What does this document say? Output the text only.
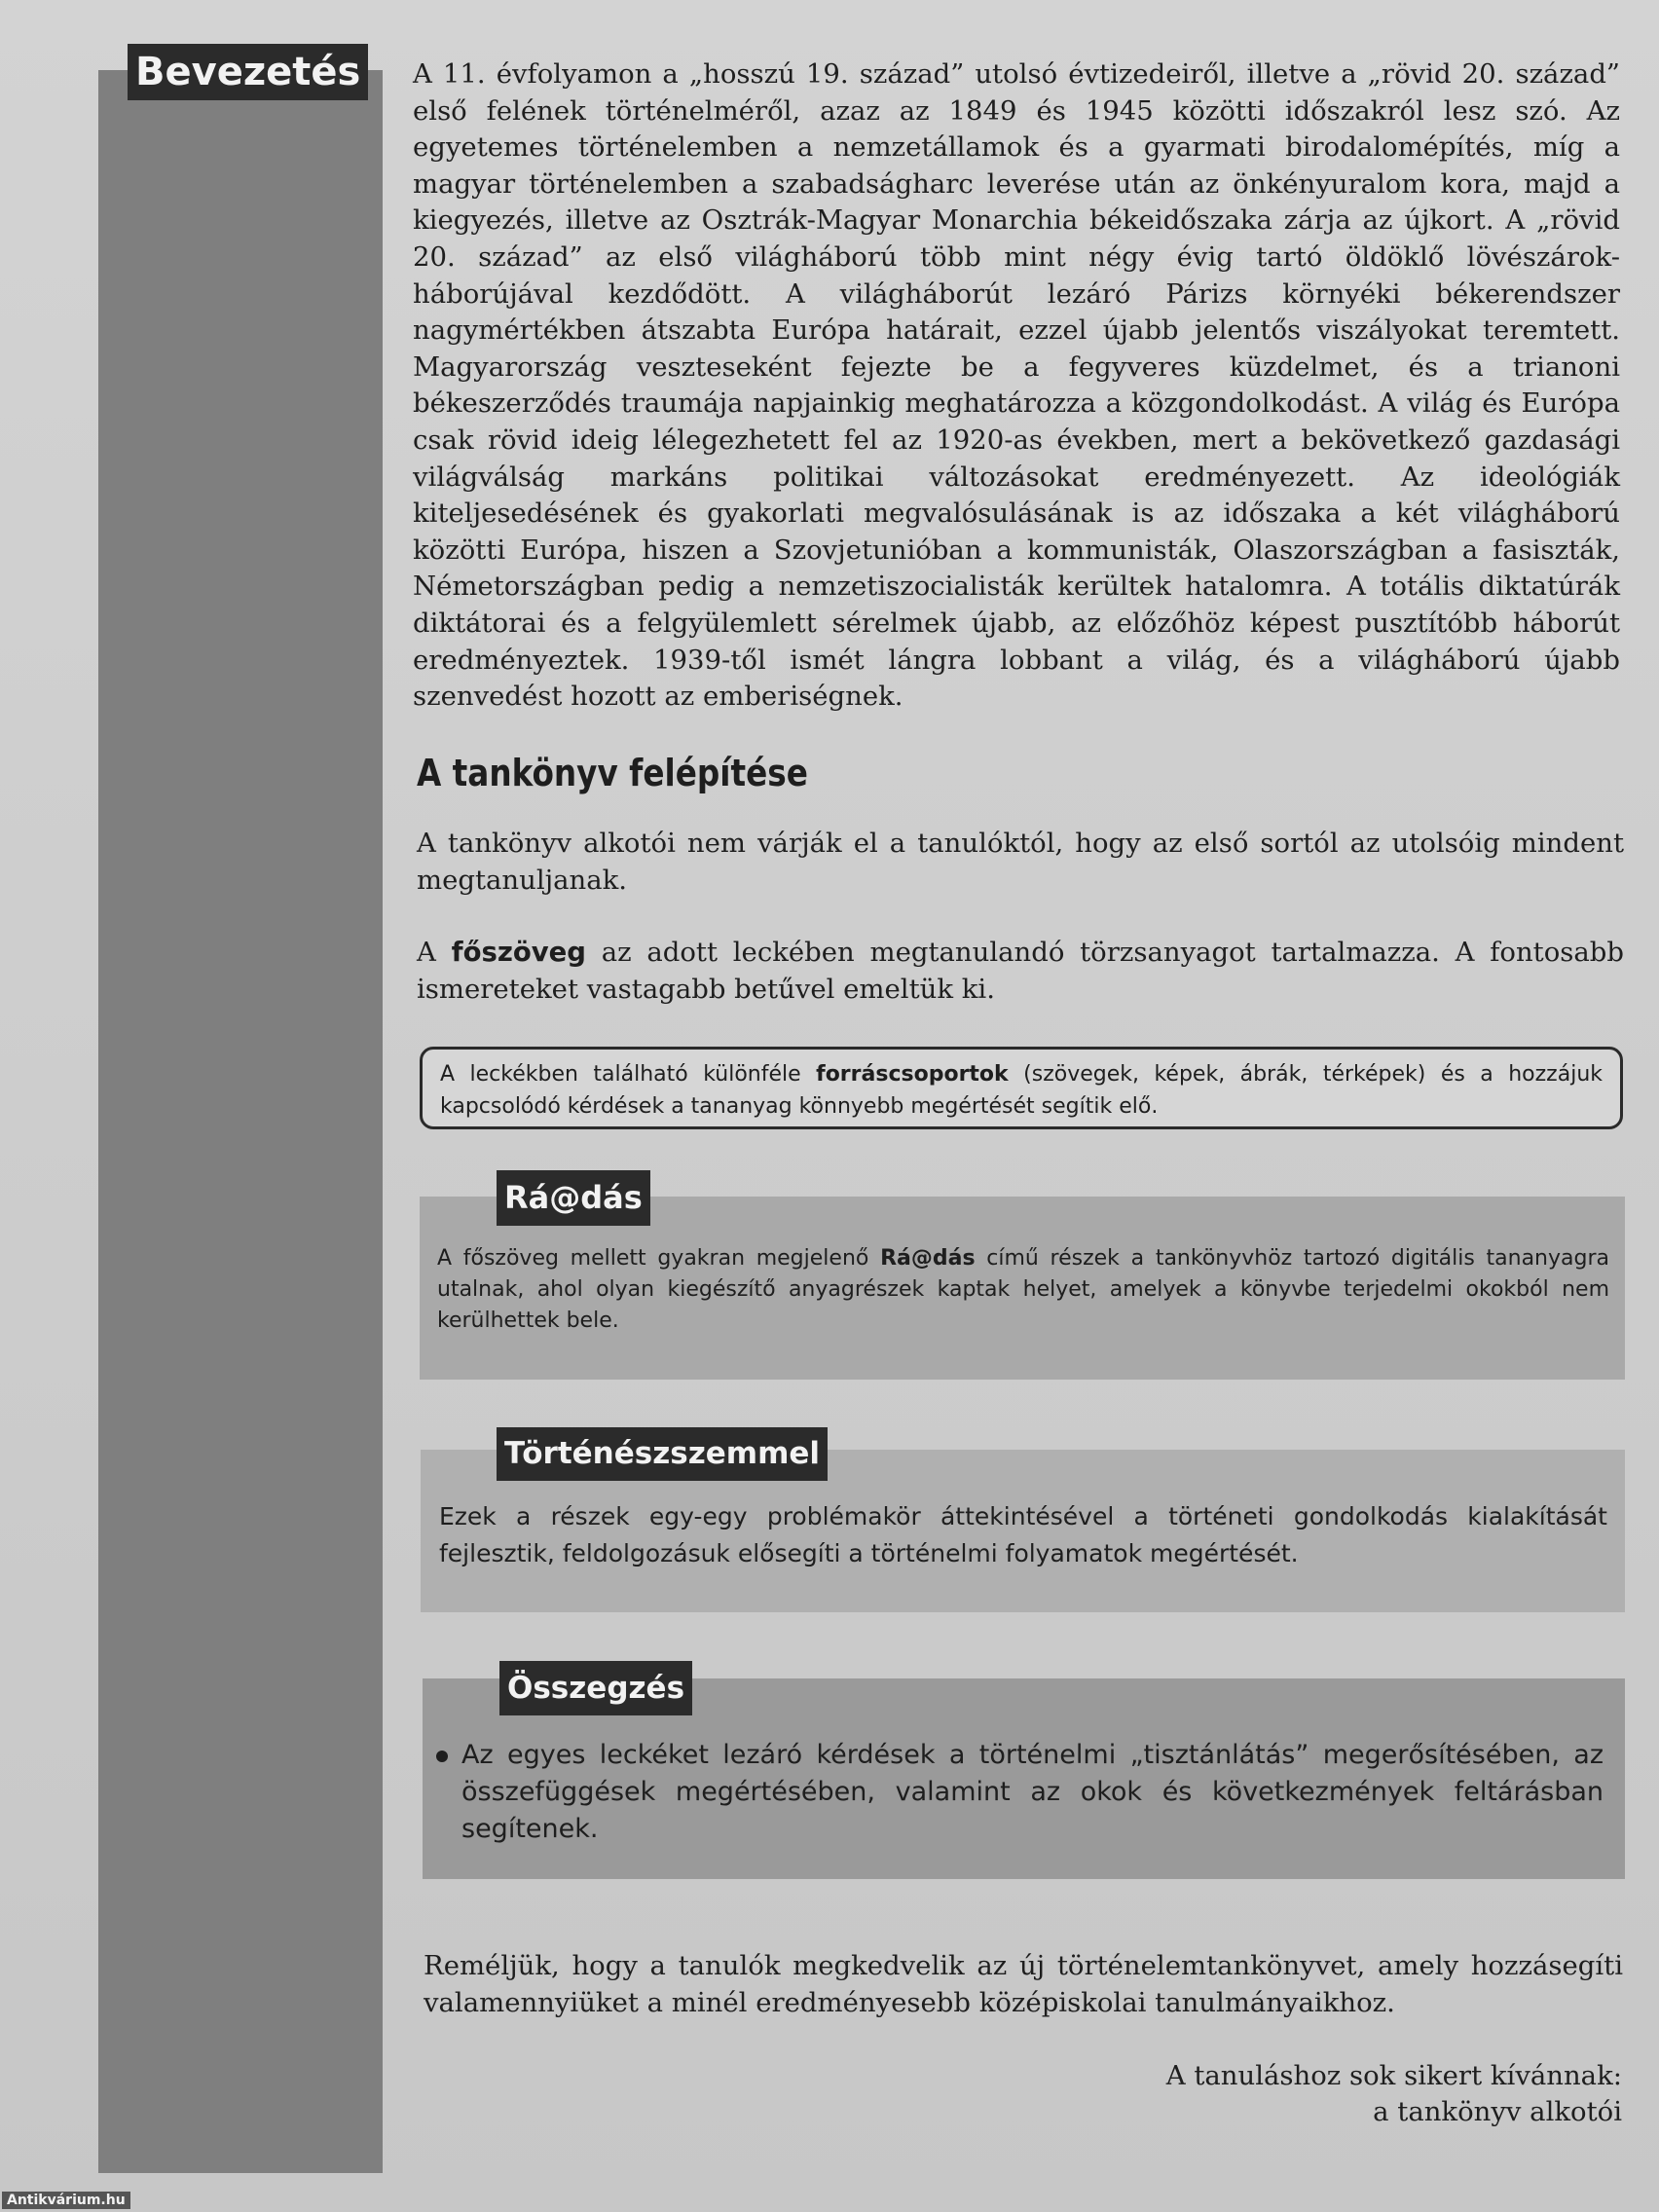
Bevezetés A 11. évfolyamon a „hosszú 19. század” utolsó évtizedeiről, illetve a „rövid 20. század” első felének történelméről, azaz az 1849 és 1945 közötti időszakról lesz szó. Az egyetemes történelemben a nemzetállamok és a gyarmati birodalomépítés, míg a magyar történelemben a szabadságharc leverése után az önkényuralom kora, majd a kiegyezés, illetve az Osztrák-Magyar Monarchia békeidőszaka zárja az újkort. A „rövid 20. század” az első világháború több mint négy évig tartó öldöklő lövészárok-háborújával kezdődött. A világháborút lezáró Párizs környéki békerendszer nagymértékben átszabta Európa határait, ezzel újabb jelentős viszályokat teremtett. Magyarország veszteseként fejezte be a fegyveres küzdelmet, és a trianoni békeszerződés traumája napjainkig meghatározza a közgondolkodást. A világ és Európa csak rövid ideig lélegezhetett fel az 1920-as években, mert a bekövetkező gazdasági világválság markáns politikai változásokat eredményezett. Az ideológiák kiteljesedésének és gyakorlati megvalósulásának is az időszaka a két világháború közötti Európa, hiszen a Szovjetunióban a kommunisták, Olaszországban a fasiszták, Németországban pedig a nemzetiszocialisták kerültek hatalomra. A totális diktatúrák diktátorai és a felgyülemlett sérelmek újabb, az előzőhöz képest pusztítóbb háborút eredményeztek. 1939-től ismét lángra lobbant a világ, és a világháború újabb szenvedést hozott az emberiségnek.

A tankönyv felépítése

A tankönyv alkotói nem várják el a tanulóktól, hogy az első sortól az utolsóig mindent megtanuljanak.

A főszöveg az adott leckében megtanulandó törzsanyagot tartalmazza. A fontosabb ismereteket vastagabb betűvel emeltük ki.

A leckékben található különféle forráscsoportok (szövegek, képek, ábrák, térképek) és a hozzájuk kapcsolódó kérdések a tananyag könnyebb megértését segítik elő.

A főszöveg mellett gyakran megjelenő Rá@dás című részek a tankönyvhöz tartozó digitális tananyagra utalnak, ahol olyan kiegészítő anyagrészek kaptak helyet, amelyek a könyvbe terjedelmi okokból nem kerülhettek bele.

Rá@dás

Ezek a részek egy-egy problémakör áttekintésével a történeti gondolkodás kialakítását fejlesztik, feldolgozásuk elősegíti a történelmi folyamatok megértését.

Történészszemmel

Az egyes leckéket lezáró kérdések a történelmi „tisztánlátás” megerősítésében, az összefüggések megértésében, valamint az okok és következmények feltárásban segítenek.

Összegzés

Reméljük, hogy a tanulók megkedvelik az új történelemtankönyvet, amely hozzásegíti valamennyiüket a minél eredményesebb középiskolai tanulmányaikhoz.

A tanuláshoz sok sikert kívánnak:
a tankönyv alkotói
Antikvárium.hu
